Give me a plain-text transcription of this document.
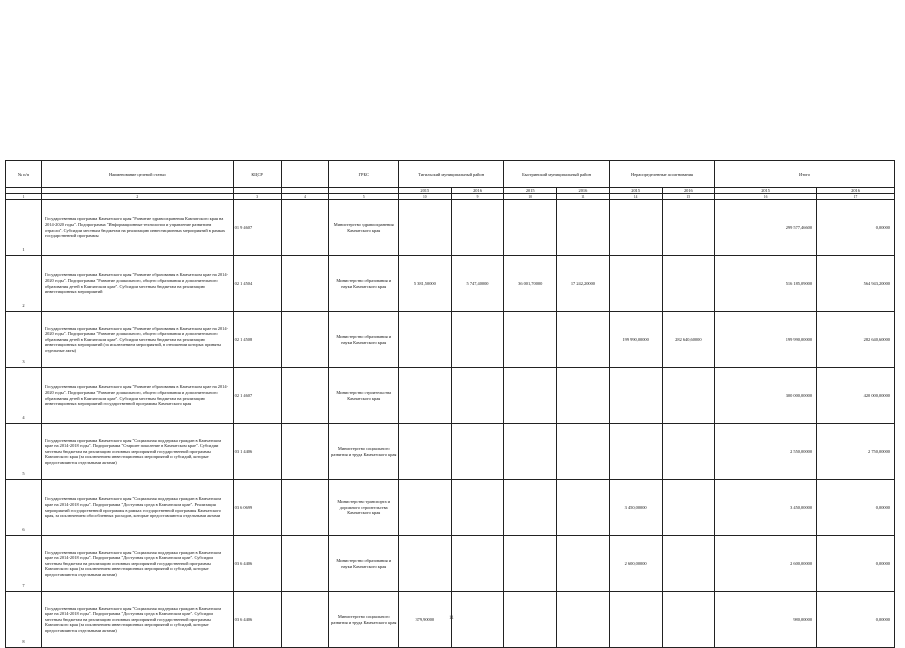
№ п/п	Наименование целевой статьи	КЦСР		ГРБС	Тигильский муниципальный район		Быстринский муниципальный район		Нераспределенные ассигнования		Итого	
					2015	2016	2015	2016	2015	2016	2015	2016
1	2	3	4	5	10	9	10	11	14	15	16	17
1	Государственная программа Камчатского края "Развитие здравоохранения Камчатского края на 2014-2020 годы". Подпрограмма "Информационные технологии и управление развитием отрасли". Субсидии местным бюджетам на реализацию инвестиционных мероприятий в рамках государственной программы	01 9 4607		Министерство здравоохранения Камчатского края							299 577,46600	0,00000
2	Государственная программа Камчатского края "Развитие образования в Камчатском крае на 2014-2020 годы". Подпрограмма "Развитие дошкольного, общего образования и дополнительного образования детей в Камчатском крае". Субсидии местным бюджетам на реализацию инвестиционных мероприятий	02 1 4504		Министерство образования и науки Камчатского края	5 381,50000	5 747,40000	36 001,70000	17 242,20000			516 185,09000	564 943,20000
3	Государственная программа Камчатского края "Развитие образования в Камчатском крае на 2014-2020 годы". Подпрограмма "Развитие дошкольного, общего образования и дополнительного образования детей в Камчатском крае". Субсидии местным бюджетам на реализацию инвестиционных мероприятий (за исключением мероприятий, в отношении которых приняты отдельные акты)	02 1 4508		Министерство образования и науки Камчатского края					199 990,00000	282 640,60000	199 990,00000	282 640,60000
4	Государственная программа Камчатского края "Развитие образования в Камчатском крае на 2014-2020 годы". Подпрограмма "Развитие дошкольного, общего образования и дополнительного образования детей в Камчатском крае". Субсидии местным бюджетам на реализацию инвестиционных мероприятий государственной программы Камчатского края	02 1 4607		Министерство строительства Камчатского края							300 000,00000	420 000,00000
5	Государственная программа Камчатского края "Социальная поддержка граждан в Камчатском крае на 2014-2018 годы". Подпрограмма "Старшее поколение в Камчатском крае". Субсидии местным бюджетам на реализацию основных мероприятий государственной программы Камчатского края (за исключением инвестиционных мероприятий и субсидий, которые предоставляются отдельными актами)	03 1 4406		Министерство социального развития и труда Камчатского края							2 550,00000	2 750,00000
6	Государственная программа Камчатского края "Социальная поддержка граждан в Камчатском крае на 2014-2018 годы". Подпрограмма "Доступная среда в Камчатском крае". Реализация мероприятий государственной программы в рамках государственной программы Камчатского края, за исключением обособленных расходов, которые предоставляются отдельными актами	03 6 0699		Министерство транспорта и дорожного строительства Камчатского края					3 450,00000		3 450,00000	0,00000
7	Государственная программа Камчатского края "Социальная поддержка граждан в Камчатском крае на 2014-2018 годы". Подпрограмма "Доступная среда в Камчатском крае". Субсидии местным бюджетам на реализацию основных мероприятий государственной программы Камчатского края (за исключением инвестиционных мероприятий и субсидий, которые предоставляются отдельными актами)	03 6 4406		Министерство образования и науки Камчатского края					2 600,00000		2 600,00000	0,00000
8	Государственная программа Камчатского края "Социальная поддержка граждан в Камчатском крае на 2014-2018 годы". Подпрограмма "Доступная среда в Камчатском крае". Субсидии местным бюджетам на реализацию основных мероприятий государственной программы Камчатского края (за исключением инвестиционных мероприятий и субсидий, которые предоставляются отдельными актами)	03 6 4406		Министерство социального развития и труда Камчатского края	379,90000						980,00000	0,00000
11
